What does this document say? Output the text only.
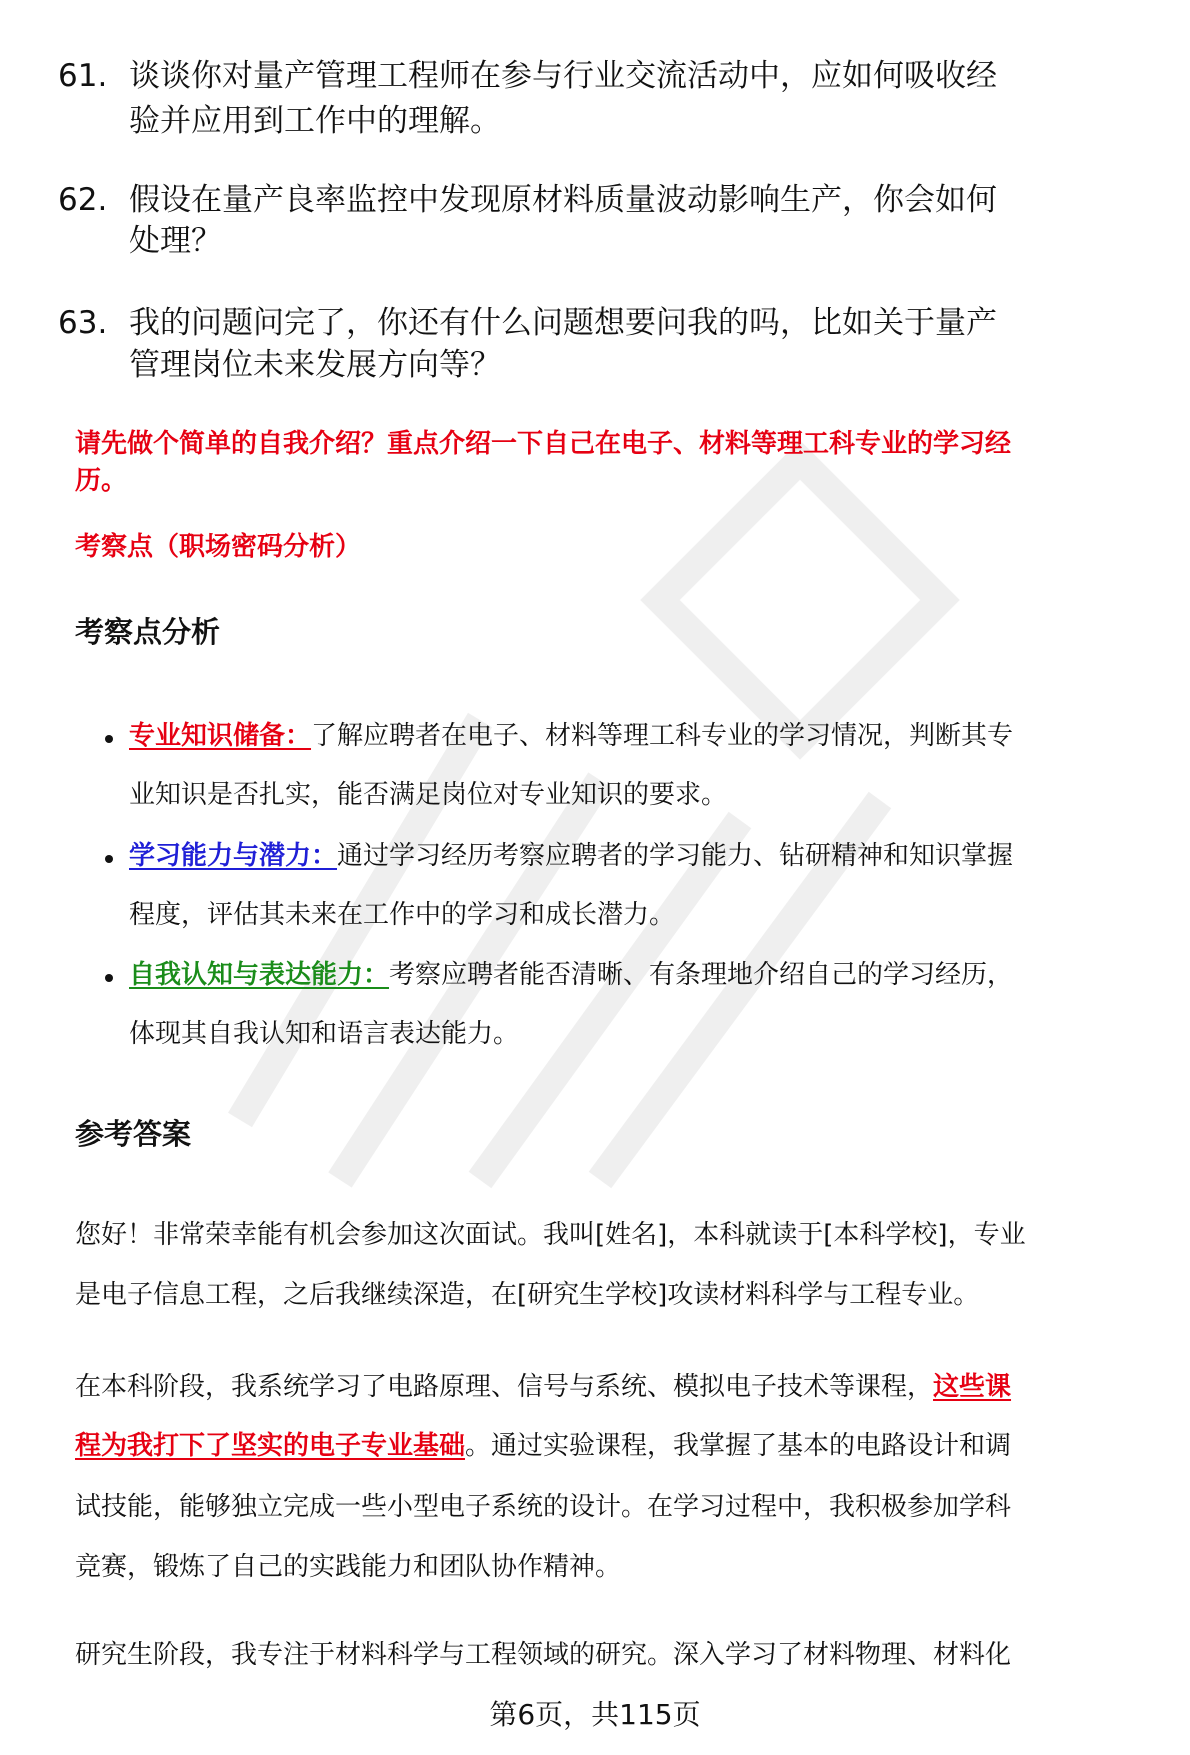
61. 谈谈你对量产管理工程师在参与行业交流活动中，应如何吸收经
验并应用到工作中的理解。
62. 假设在量产良率监控中发现原材料质量波动影响生产，你会如何
处理？
63. 我的问题问完了，你还有什么问题想要问我的吗，比如关于量产
管理岗位未来发展方向等？
请先做个简单的自我介绍？重点介绍一下自己在电子、材料等理工科专业的学习经
历。
考察点（职场密码分析）
考察点分析
专业知识储备：了解应聘者在电子、材料等理工科专业的学习情况，判断其专
业知识是否扎实，能否满足岗位对专业知识的要求。
学习能力与潜力：通过学习经历考察应聘者的学习能力、钻研精神和知识掌握
程度，评估其未来在工作中的学习和成长潜力。
自我认知与表达能力：考察应聘者能否清晰、有条理地介绍自己的学习经历，
体现其自我认知和语言表达能力。
参考答案
您好！非常荣幸能有机会参加这次面试。我叫[姓名]，本科就读于[本科学校]，专业
是电子信息工程，之后我继续深造，在[研究生学校]攻读材料科学与工程专业。
在本科阶段，我系统学习了电路原理、信号与系统、模拟电子技术等课程，这些课
程为我打下了坚实的电子专业基础。通过实验课程，我掌握了基本的电路设计和调
试技能，能够独立完成一些小型电子系统的设计。在学习过程中，我积极参加学科
竞赛，锻炼了自己的实践能力和团队协作精神。
研究生阶段，我专注于材料科学与工程领域的研究。深入学习了材料物理、材料化
第6页，共115页
